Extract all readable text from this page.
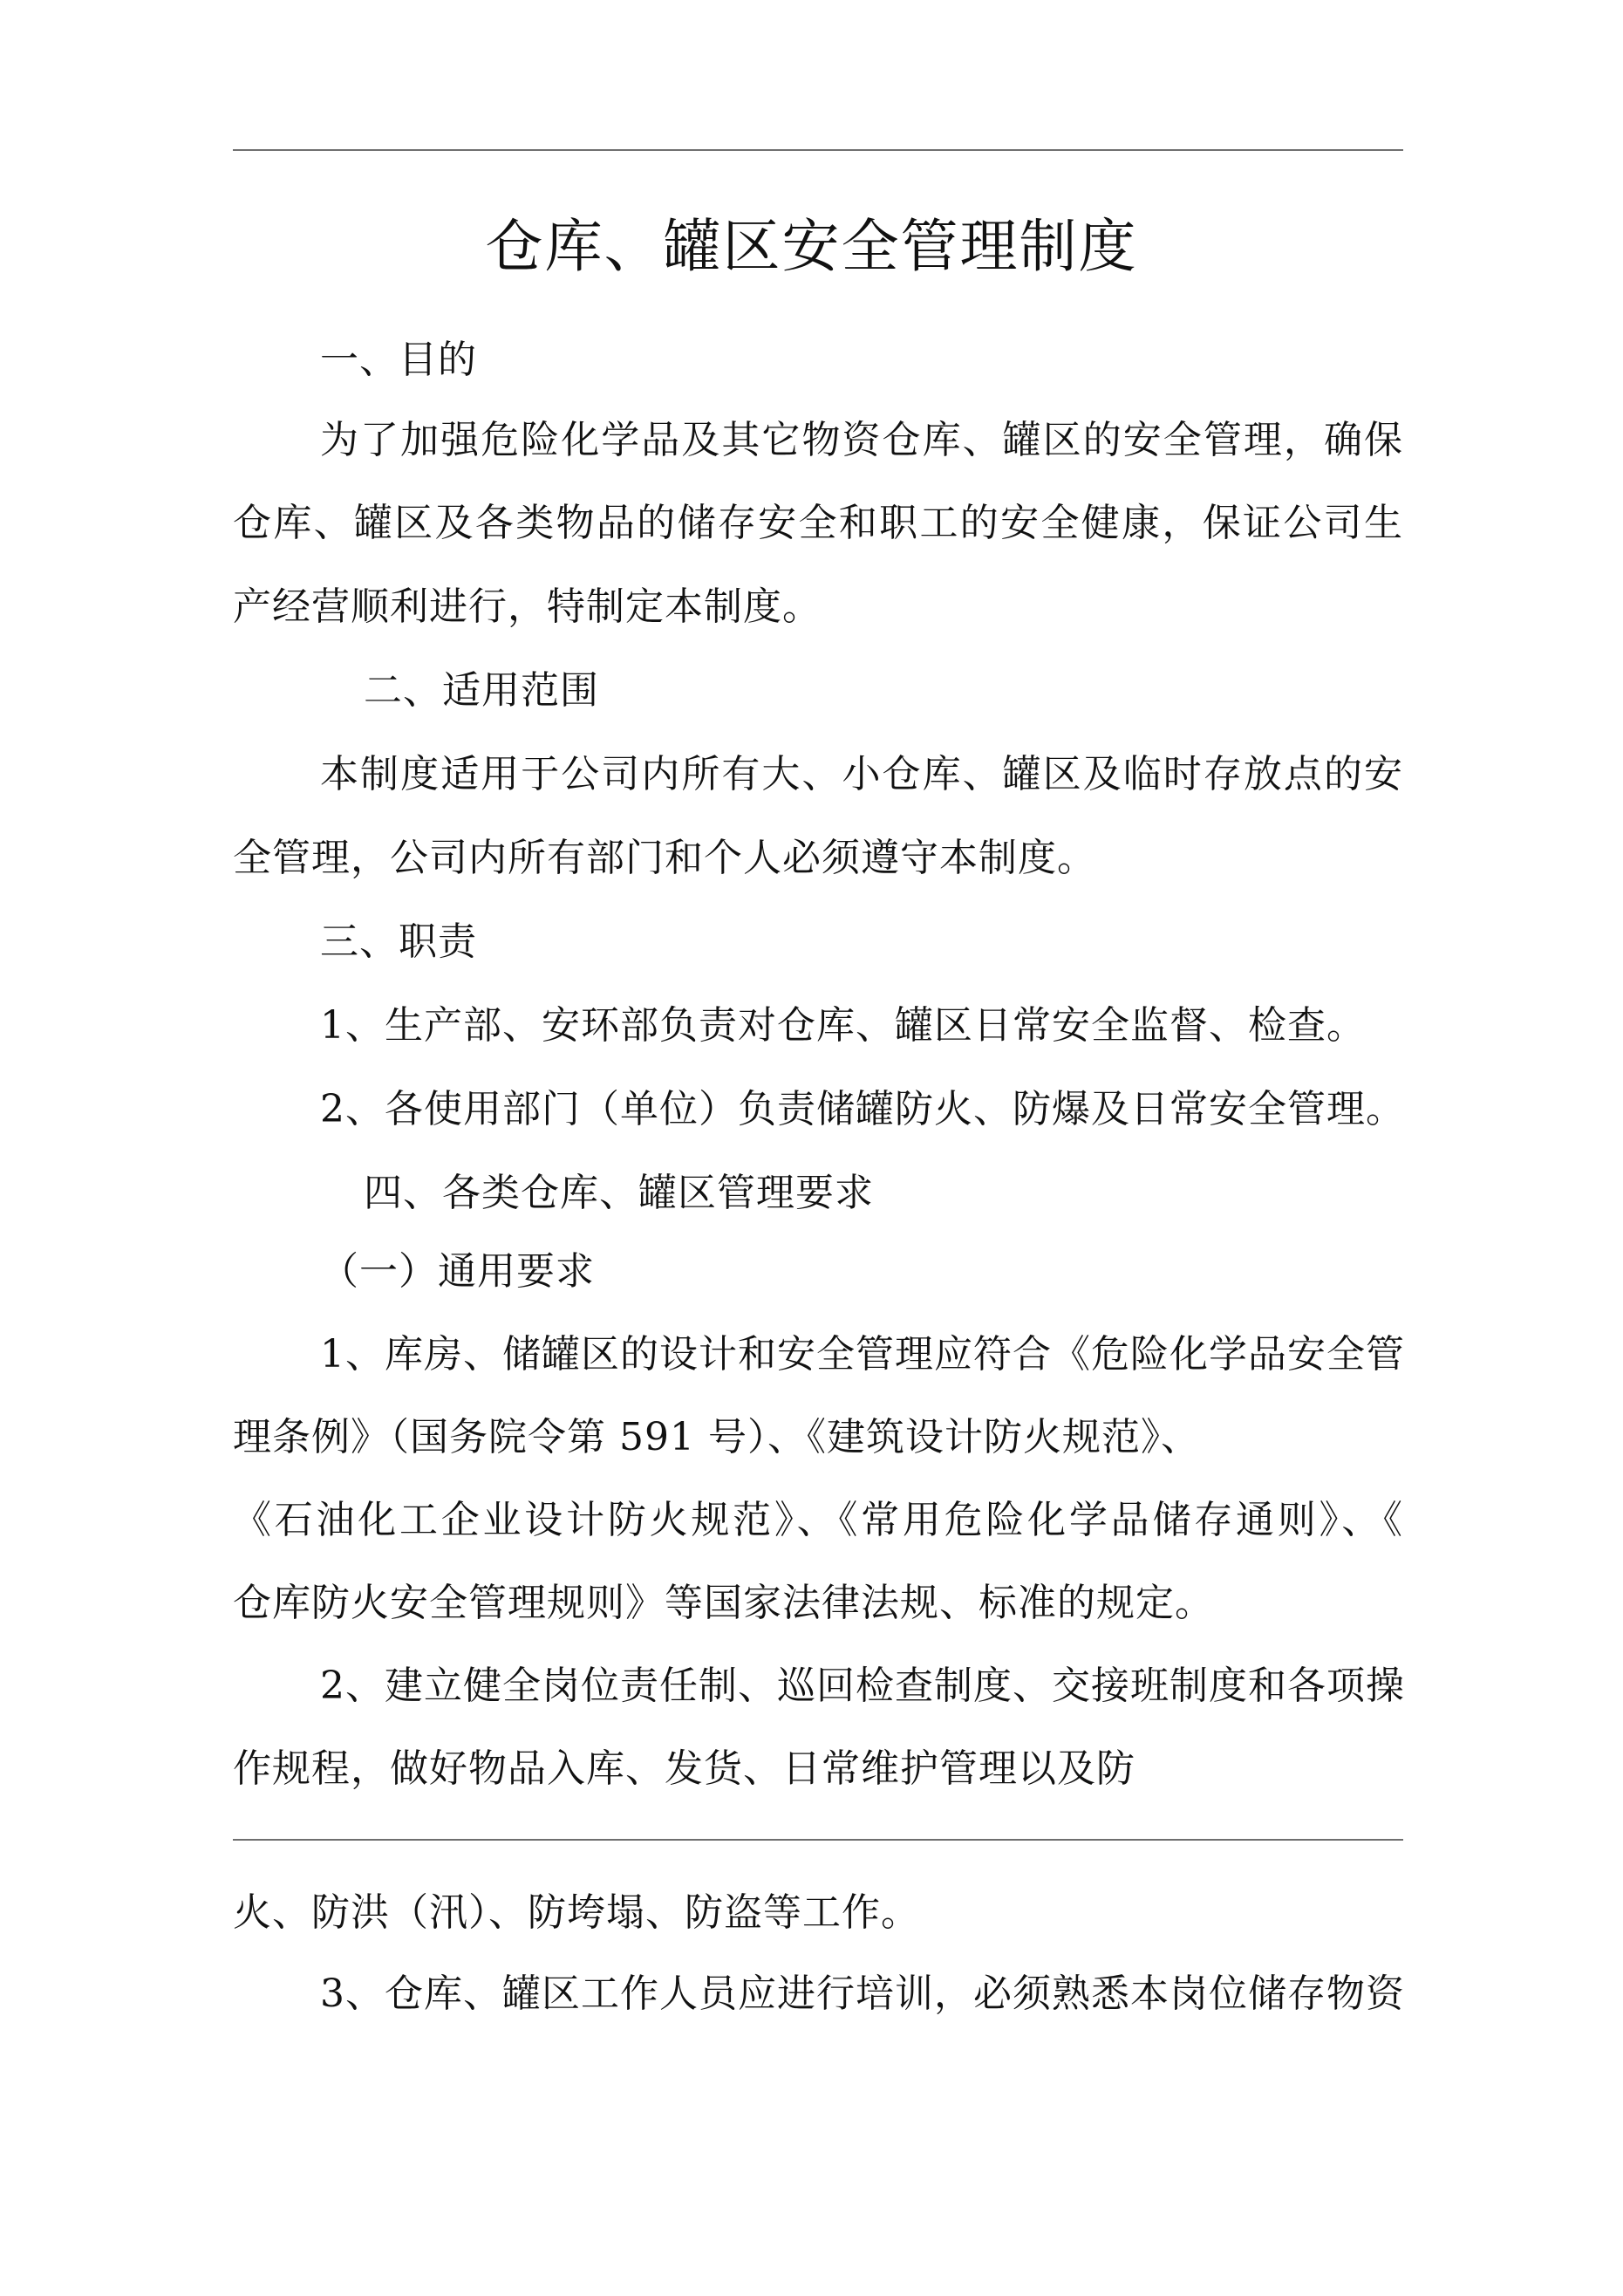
仓库、罐区安全管理制度

一、目的

为了加强危险化学品及其它物资仓库、罐区的安全管理，确保

仓库、罐区及各类物品的储存安全和职工的安全健康，保证公司生

产经营顺利进行，特制定本制度。

二、适用范围

本制度适用于公司内所有大、小仓库、罐区及临时存放点的安

全管理，公司内所有部门和个人必须遵守本制度。

三、职责

1、生产部、安环部负责对仓库、罐区日常安全监督、检查。

2、各使用部门（单位）负责储罐防火、防爆及日常安全管理。

四、各类仓库、罐区管理要求

（一）通用要求

1、库房、储罐区的设计和安全管理应符合《危险化学品安全管

理条例》（国务院令第 591 号）、《建筑设计防火规范》、

《石油化工企业设计防火规范》、《常用危险化学品储存通则》、《

仓库防火安全管理规则》等国家法律法规、标准的规定。

2、建立健全岗位责任制、巡回检查制度、交接班制度和各项操

作规程，做好物品入库、发货、日常维护管理以及防

火、防洪（汛）、防垮塌、防盗等工作。

3、仓库、罐区工作人员应进行培训，必须熟悉本岗位储存物资
